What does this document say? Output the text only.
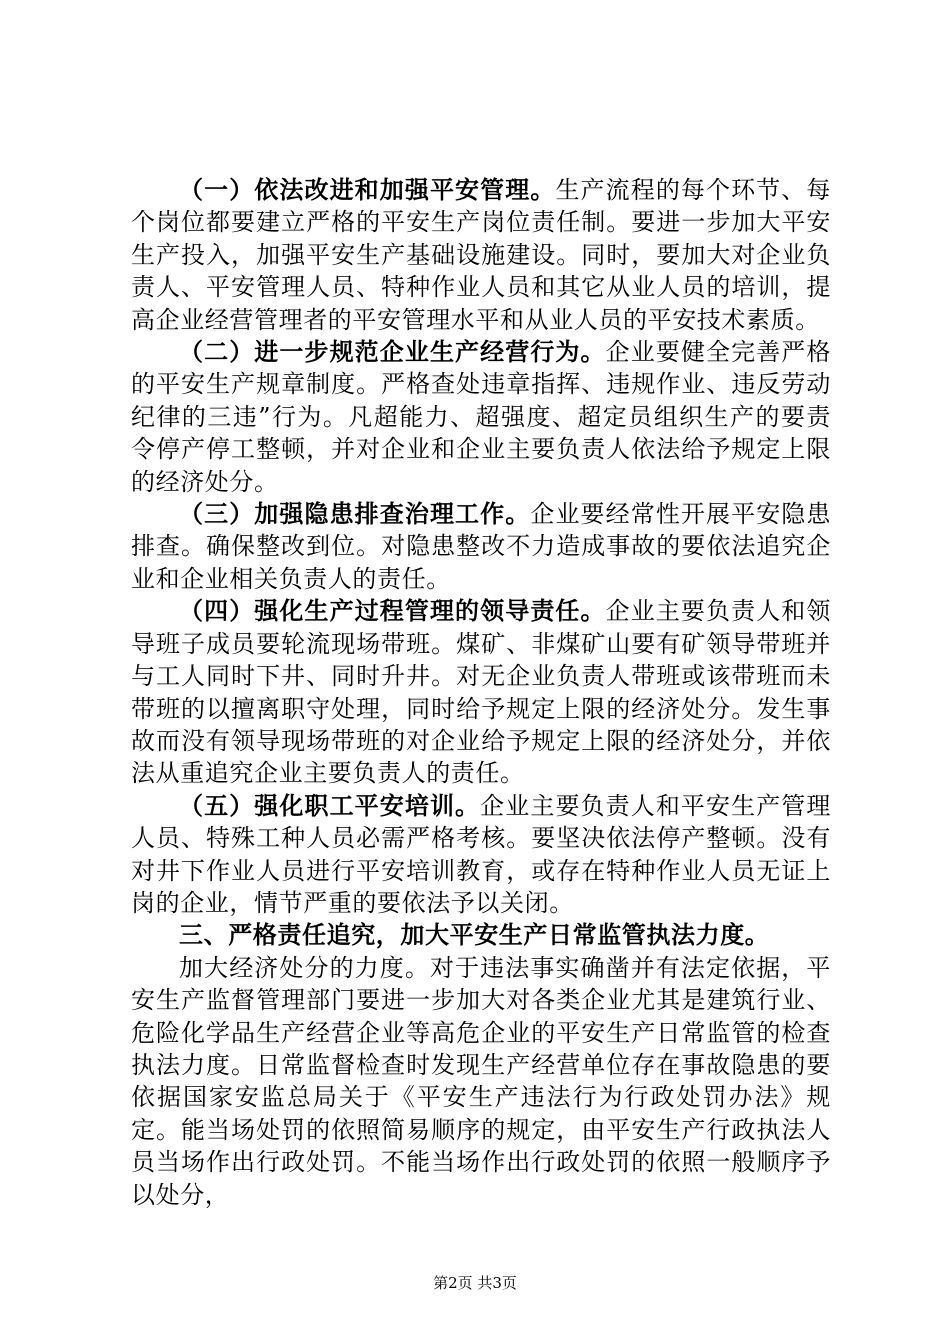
（一）依法改进和加强平安管理。生产流程的每个环节、每个岗位都要建立严格的平安生产岗位责任制。要进一步加大平安生产投入，加强平安生产基础设施建设。同时，要加大对企业负责人、平安管理人员、特种作业人员和其它从业人员的培训，提高企业经营管理者的平安管理水平和从业人员的平安技术素质。

（二）进一步规范企业生产经营行为。企业要健全完善严格的平安生产规章制度。严格查处违章指挥、违规作业、违反劳动纪律的三违”行为。凡超能力、超强度、超定员组织生产的要责令停产停工整顿，并对企业和企业主要负责人依法给予规定上限的经济处分。

（三）加强隐患排查治理工作。企业要经常性开展平安隐患排查。确保整改到位。对隐患整改不力造成事故的要依法追究企业和企业相关负责人的责任。

（四）强化生产过程管理的领导责任。企业主要负责人和领导班子成员要轮流现场带班。煤矿、非煤矿山要有矿领导带班并与工人同时下井、同时升井。对无企业负责人带班或该带班而未带班的以擅离职守处理，同时给予规定上限的经济处分。发生事故而没有领导现场带班的对企业给予规定上限的经济处分，并依法从重追究企业主要负责人的责任。

（五）强化职工平安培训。企业主要负责人和平安生产管理人员、特殊工种人员必需严格考核。要坚决依法停产整顿。没有对井下作业人员进行平安培训教育，或存在特种作业人员无证上岗的企业，情节严重的要依法予以关闭。

三、严格责任追究，加大平安生产日常监管执法力度。

加大经济处分的力度。对于违法事实确凿并有法定依据，平安生产监督管理部门要进一步加大对各类企业尤其是建筑行业、危险化学品生产经营企业等高危企业的平安生产日常监管的检查执法力度。日常监督检查时发现生产经营单位存在事故隐患的要依据国家安监总局关于《平安生产违法行为行政处罚办法》规定。能当场处罚的依照简易顺序的规定，由平安生产行政执法人员当场作出行政处罚。不能当场作出行政处罚的依照一般顺序予以处分，

第2页 共3页
